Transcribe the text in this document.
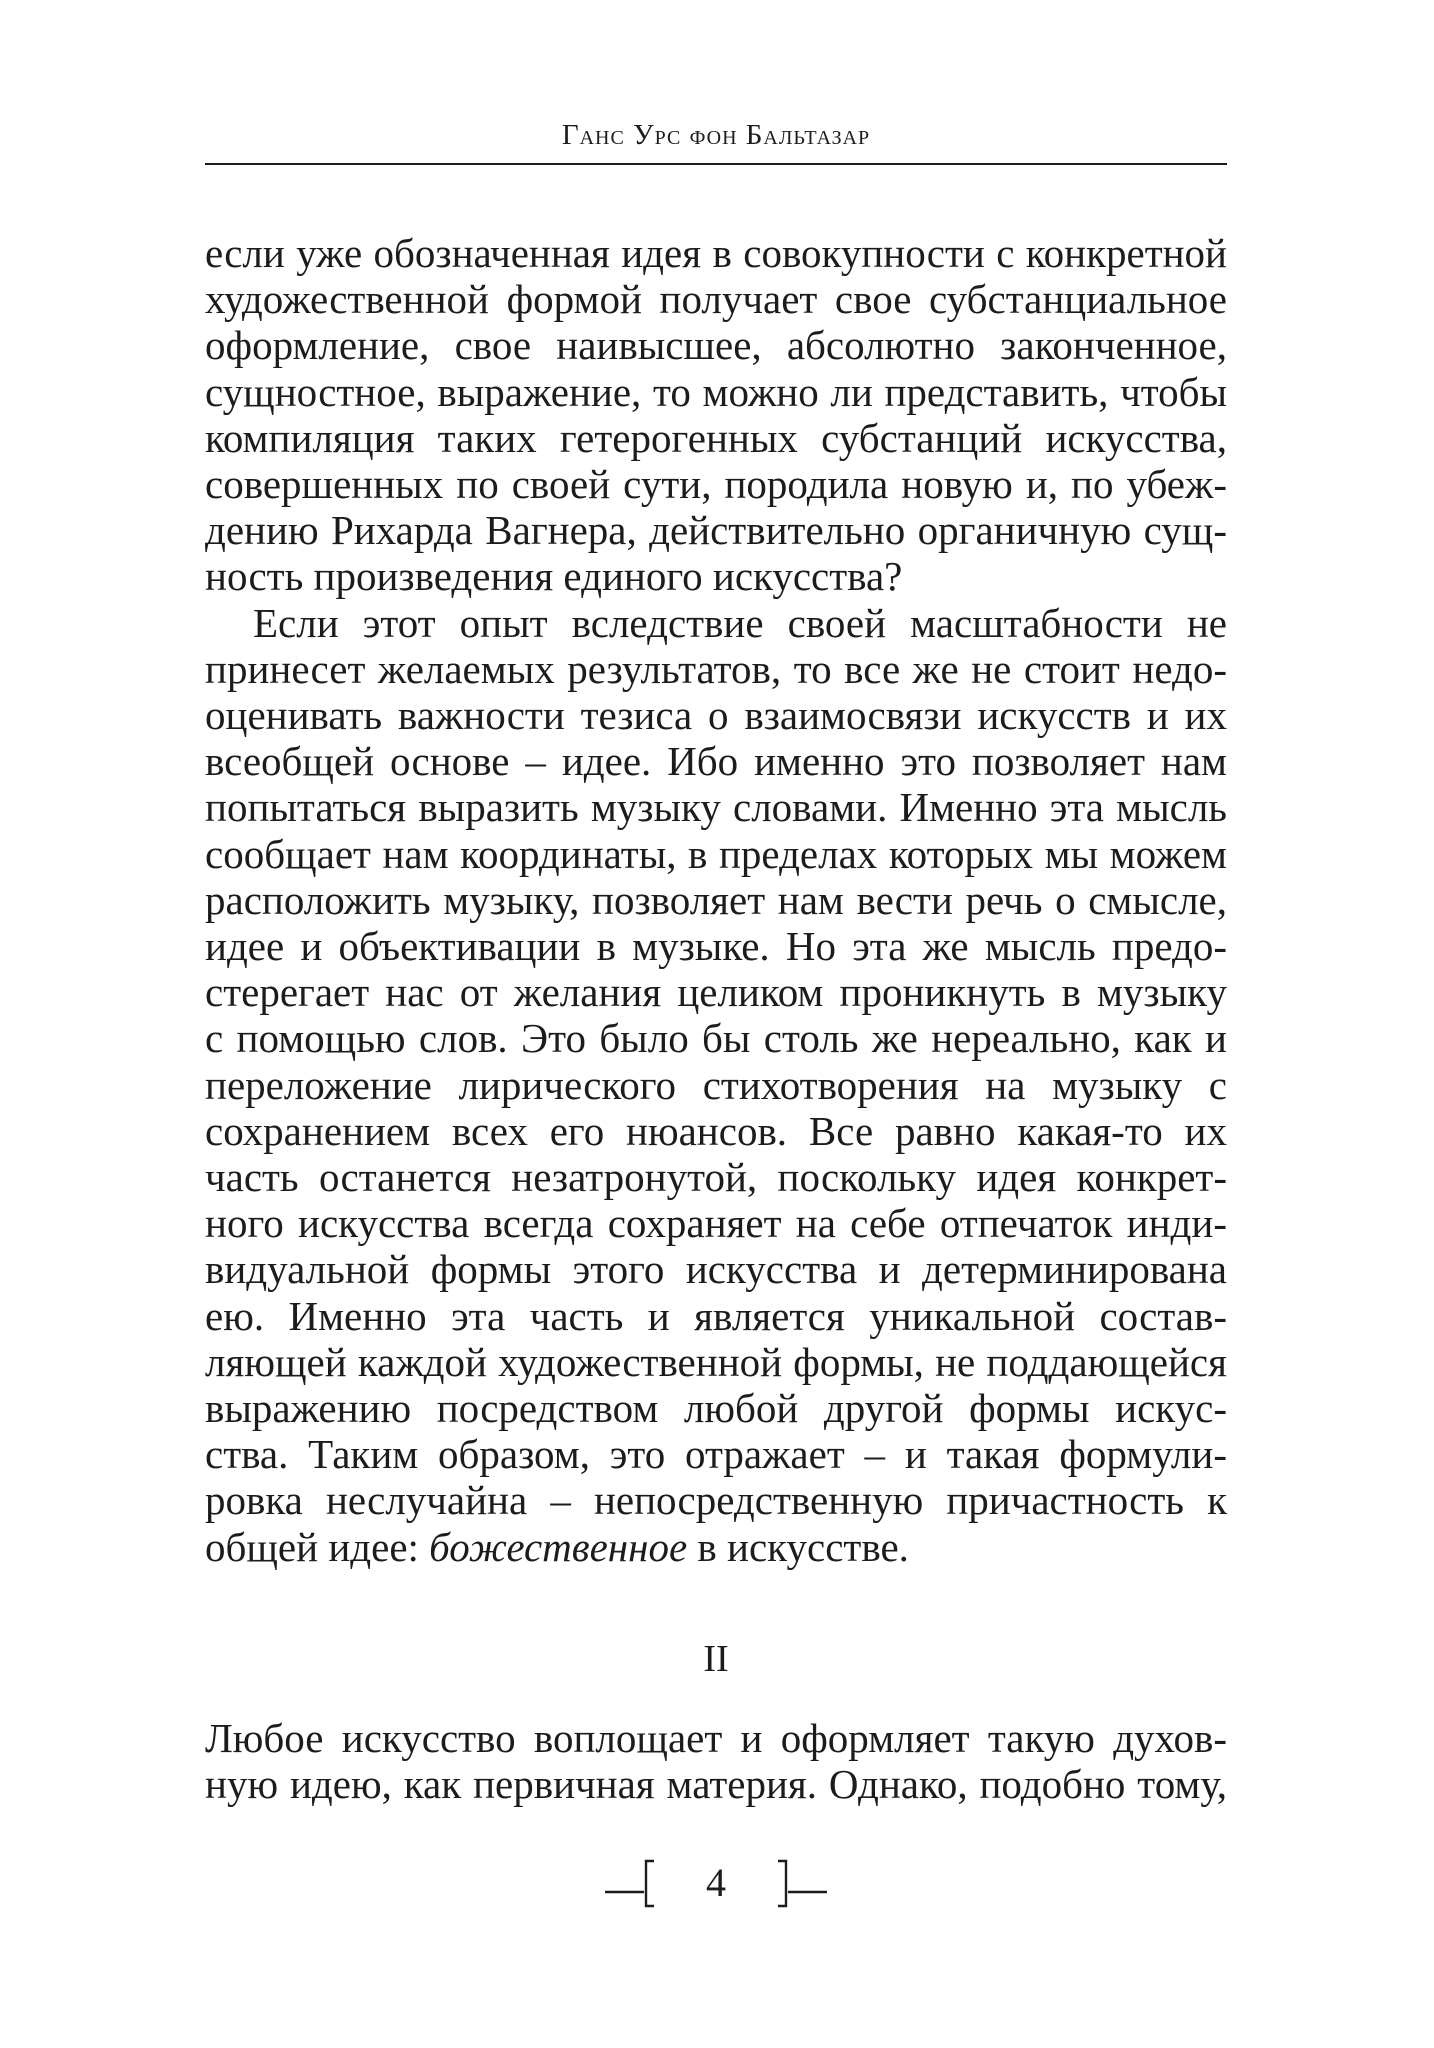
Ганс Урс фон Бальтазар
если уже обозначенная идея в совокупности с конкретной
художественной формой получает свое субстанциальное
оформление, свое наивысшее, абсолютно законченное,
сущностное, выражение, то можно ли представить, чтобы
компиляция таких гетерогенных субстанций искусства,
совершенных по своей сути, породила новую и, по убеж-
дению Рихарда Вагнера, действительно органичную сущ-
ность произведения единого искусства?
Если этот опыт вследствие своей масштабности не
принесет желаемых результатов, то все же не стоит недо-
оценивать важности тезиса о взаимосвязи искусств и их
всеобщей основе – идее. Ибо именно это позволяет нам
попытаться выразить музыку словами. Именно эта мысль
сообщает нам координаты, в пределах которых мы можем
расположить музыку, позволяет нам вести речь о смысле,
идее и объективации в музыке. Но эта же мысль предо-
стерегает нас от желания целиком проникнуть в музыку
с помощью слов. Это было бы столь же нереально, как и
переложение лирического стихотворения на музыку с
сохранением всех его нюансов. Все равно какая-то их
часть останется незатронутой, поскольку идея конкрет-
ного искусства всегда сохраняет на себе отпечаток инди-
видуальной формы этого искусства и детерминирована
ею. Именно эта часть и является уникальной состав-
ляющей каждой художественной формы, не поддающейся
выражению посредством любой другой формы искус-
ства. Таким образом, это отражает – и такая формули-
ровка неслучайна – непосредственную причастность к
общей идее: божественное в искусстве.
II
Любое искусство воплощает и оформляет такую духов-
ную идею, как первичная материя. Однако, подобно тому,
4
